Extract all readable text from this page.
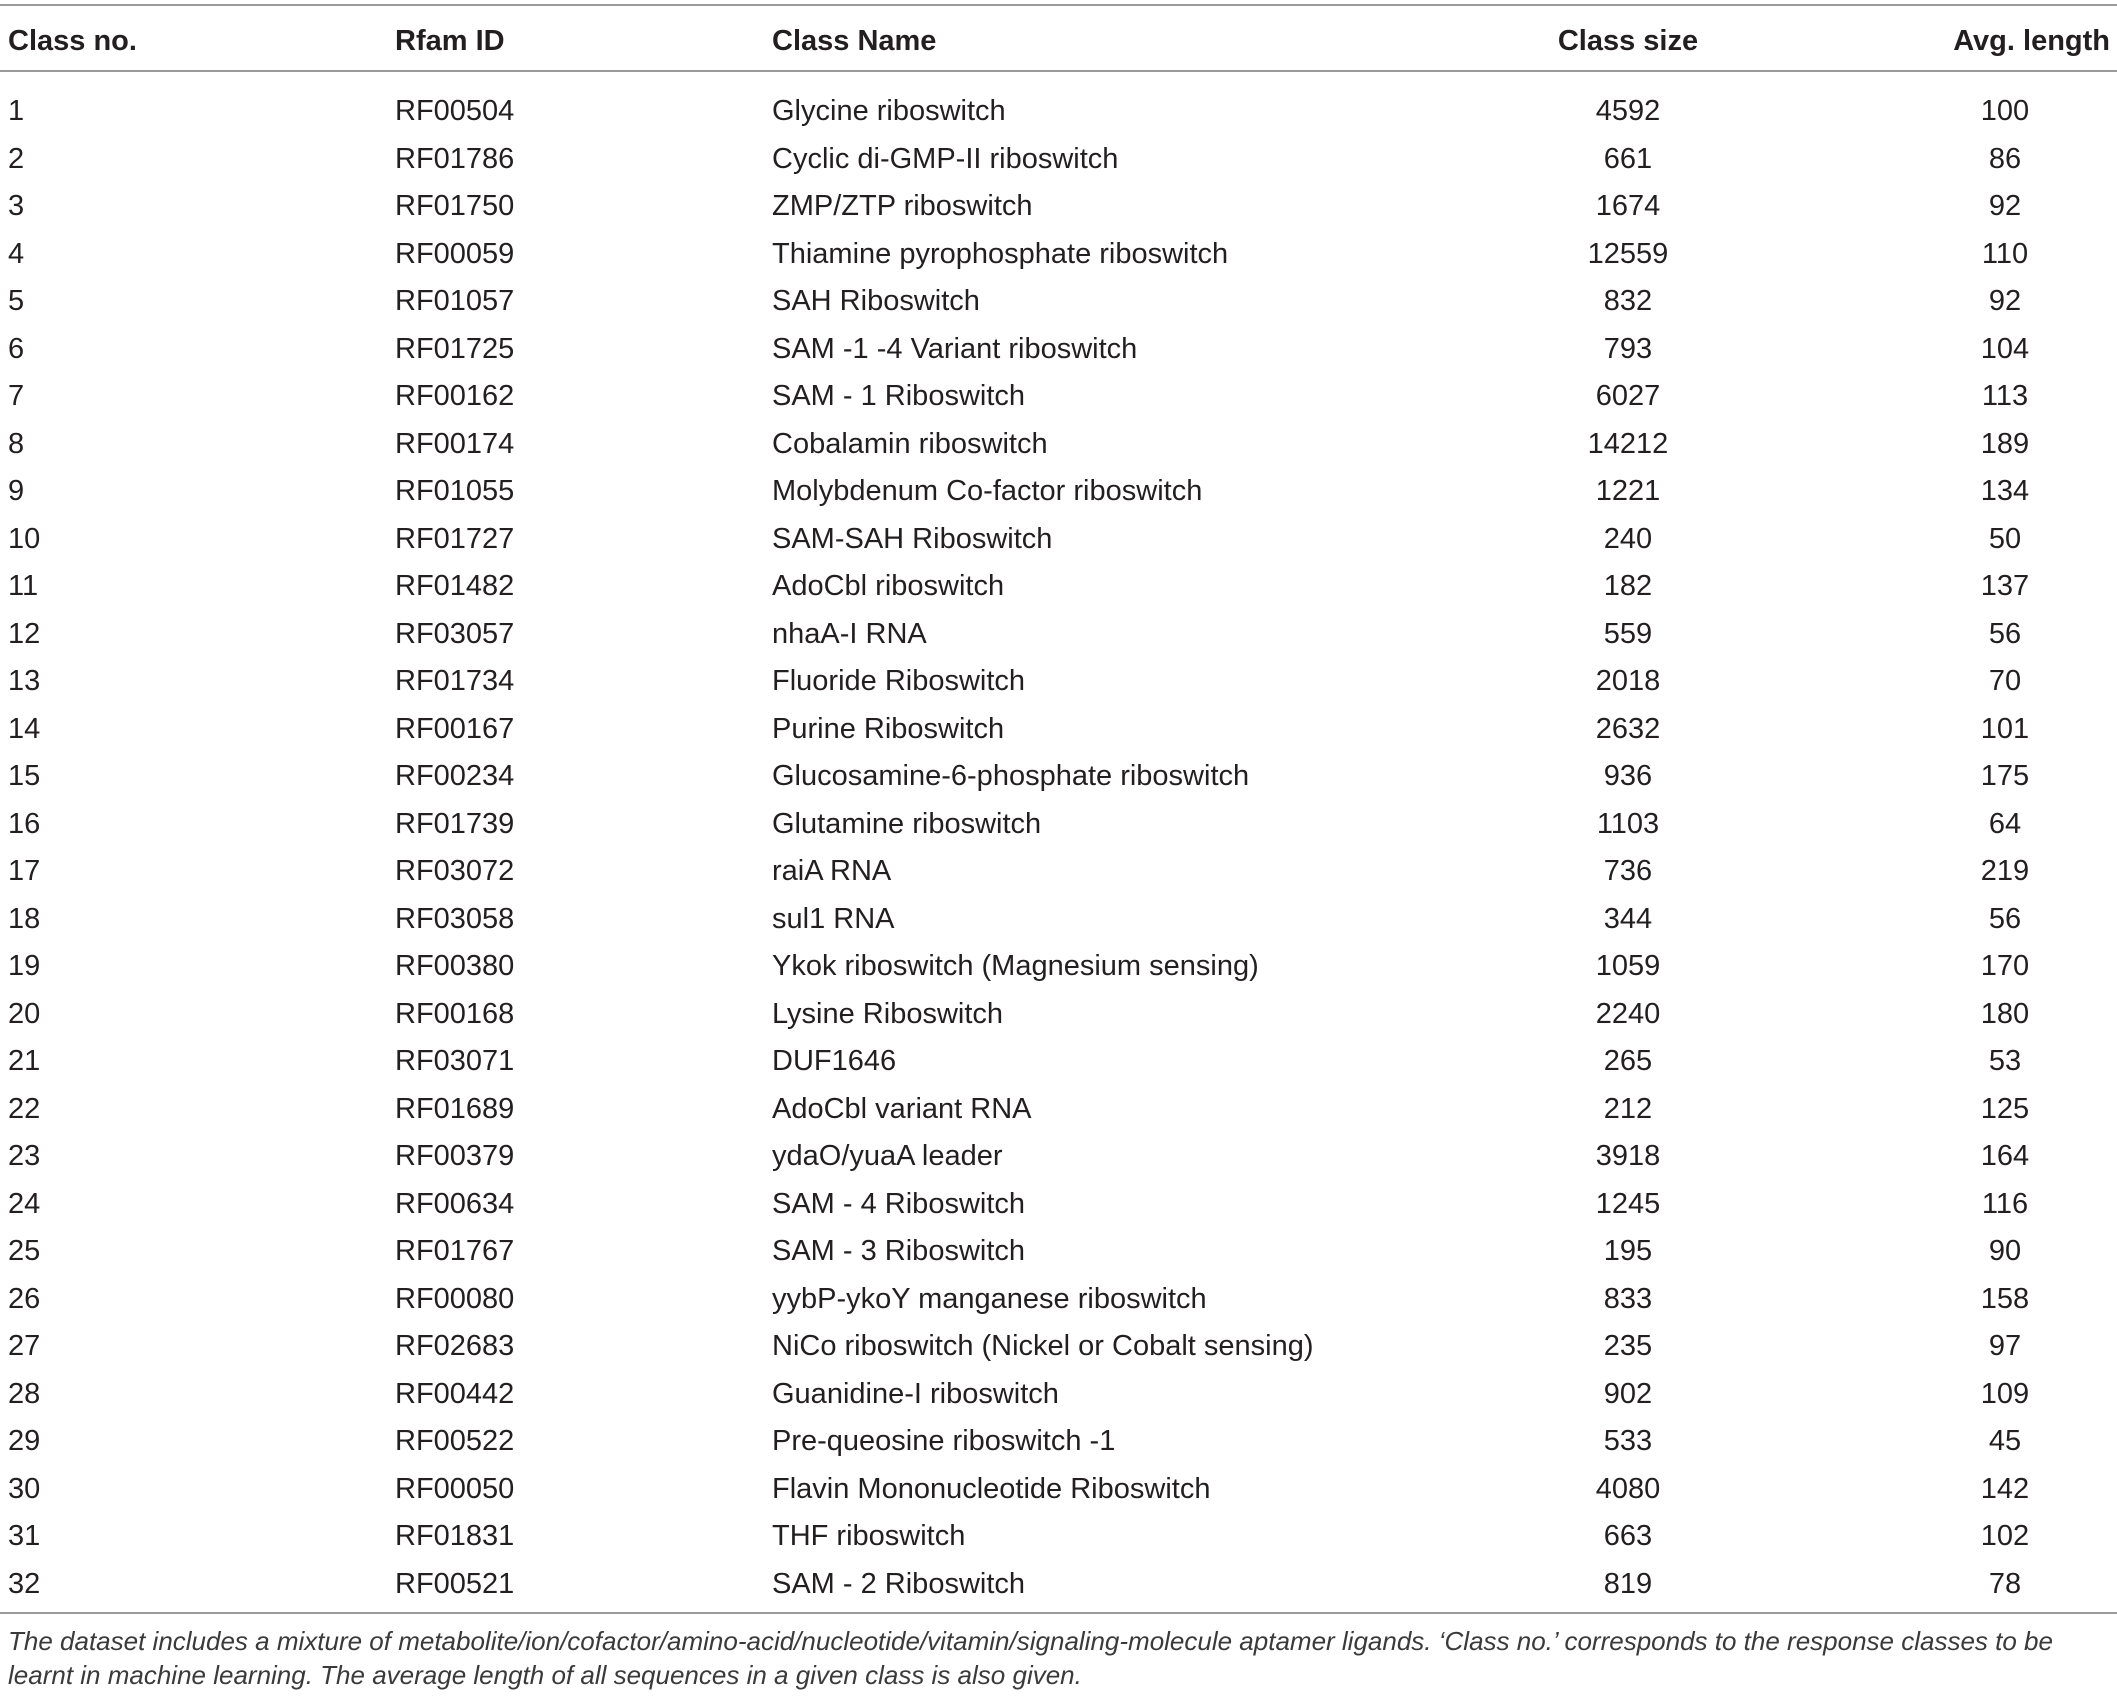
Class no.	Rfam ID	Class Name	Class size	Avg. length
1	RF00504	Glycine riboswitch	4592	100
2	RF01786	Cyclic di-GMP-II riboswitch	661	86
3	RF01750	ZMP/ZTP riboswitch	1674	92
4	RF00059	Thiamine pyrophosphate riboswitch	12559	110
5	RF01057	SAH Riboswitch	832	92
6	RF01725	SAM -1 -4 Variant riboswitch	793	104
7	RF00162	SAM - 1 Riboswitch	6027	113
8	RF00174	Cobalamin riboswitch	14212	189
9	RF01055	Molybdenum Co-factor riboswitch	1221	134
10	RF01727	SAM-SAH Riboswitch	240	50
11	RF01482	AdoCbl riboswitch	182	137
12	RF03057	nhaA-I RNA	559	56
13	RF01734	Fluoride Riboswitch	2018	70
14	RF00167	Purine Riboswitch	2632	101
15	RF00234	Glucosamine-6-phosphate riboswitch	936	175
16	RF01739	Glutamine riboswitch	1103	64
17	RF03072	raiA RNA	736	219
18	RF03058	sul1 RNA	344	56
19	RF00380	Ykok riboswitch (Magnesium sensing)	1059	170
20	RF00168	Lysine Riboswitch	2240	180
21	RF03071	DUF1646	265	53
22	RF01689	AdoCbl variant RNA	212	125
23	RF00379	ydaO/yuaA leader	3918	164
24	RF00634	SAM - 4 Riboswitch	1245	116
25	RF01767	SAM - 3 Riboswitch	195	90
26	RF00080	yybP-ykoY manganese riboswitch	833	158
27	RF02683	NiCo riboswitch (Nickel or Cobalt sensing)	235	97
28	RF00442	Guanidine-I riboswitch	902	109
29	RF00522	Pre-queosine riboswitch -1	533	45
30	RF00050	Flavin Mononucleotide Riboswitch	4080	142
31	RF01831	THF riboswitch	663	102
32	RF00521	SAM - 2 Riboswitch	819	78
The dataset includes a mixture of metabolite/ion/cofactor/amino-acid/nucleotide/vitamin/signaling-molecule aptamer ligands. ‘Class no.’ corresponds to the response classes to be learnt in machine learning. The average length of all sequences in a given class is also given.
